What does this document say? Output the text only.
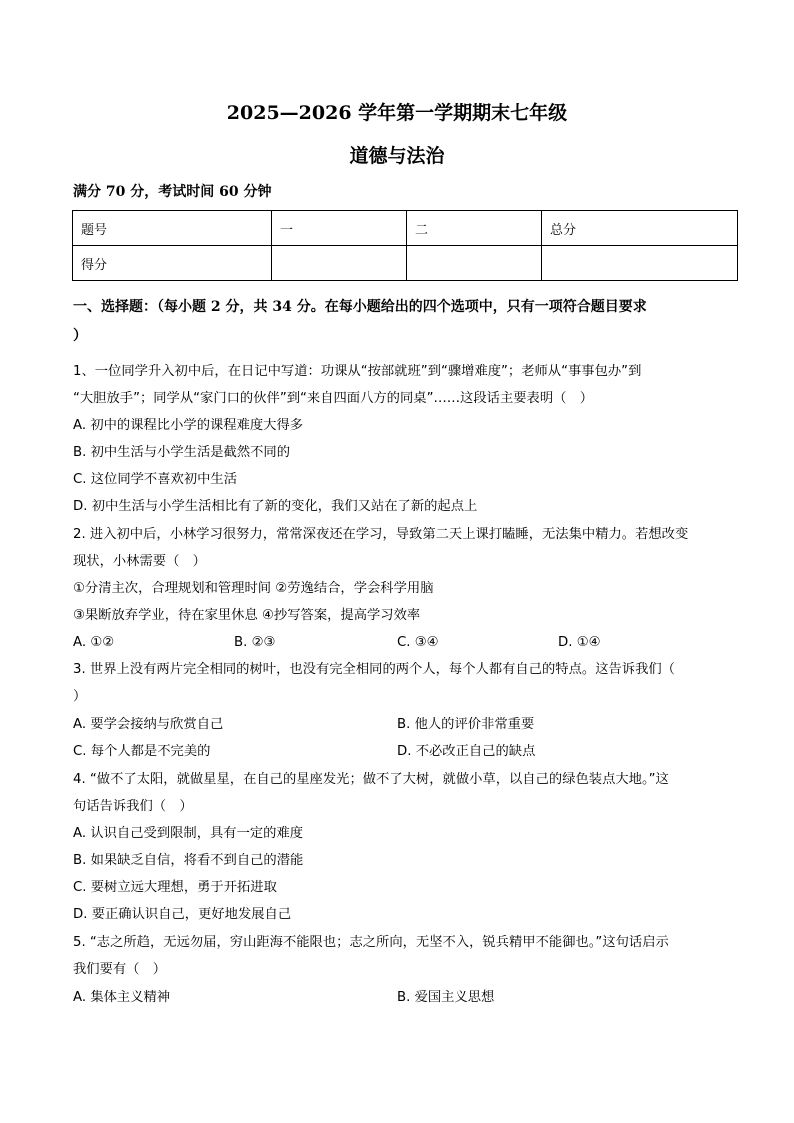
2025—2026 学年第一学期期末七年级
道德与法治
满分 70 分，考试时间 60 分钟
题号	一	二	总分
得分			
一、选择题：（每小题 2 分，共 34 分。在每小题给出的四个选项中，只有一项符合题目要求
）
1、一位同学升入初中后，在日记中写道：功课从“按部就班”到“骤增难度”；老师从“事事包办”到
“大胆放手”；同学从“家门口的伙伴”到“来自四面八方的同桌”……这段话主要表明（　）
A. 初中的课程比小学的课程难度大得多
B. 初中生活与小学生活是截然不同的
C. 这位同学不喜欢初中生活
D. 初中生活与小学生活相比有了新的变化，我们又站在了新的起点上
2. 进入初中后，小林学习很努力，常常深夜还在学习，导致第二天上课打瞌睡，无法集中精力。若想改变
现状，小林需要（　）
①分清主次，合理规划和管理时间 ②劳逸结合，学会科学用脑
③果断放弃学业，待在家里休息 ④抄写答案，提高学习效率
A. ①②	B. ②③	C. ③④	D. ①④
3. 世界上没有两片完全相同的树叶，也没有完全相同的两个人，每个人都有自己的特点。这告诉我们（
）
A. 要学会接纳与欣赏自己	B. 他人的评价非常重要
C. 每个人都是不完美的	D. 不必改正自己的缺点
4. “做不了太阳，就做星星，在自己的星座发光；做不了大树，就做小草，以自己的绿色装点大地。”这
句话告诉我们（　）
A. 认识自己受到限制，具有一定的难度
B. 如果缺乏自信，将看不到自己的潜能
C. 要树立远大理想，勇于开拓进取
D. 要正确认识自己，更好地发展自己
5. “志之所趋，无远勿届，穷山距海不能限也；志之所向，无坚不入，锐兵精甲不能御也。”这句话启示
我们要有（　）
A. 集体主义精神	B. 爱国主义思想
